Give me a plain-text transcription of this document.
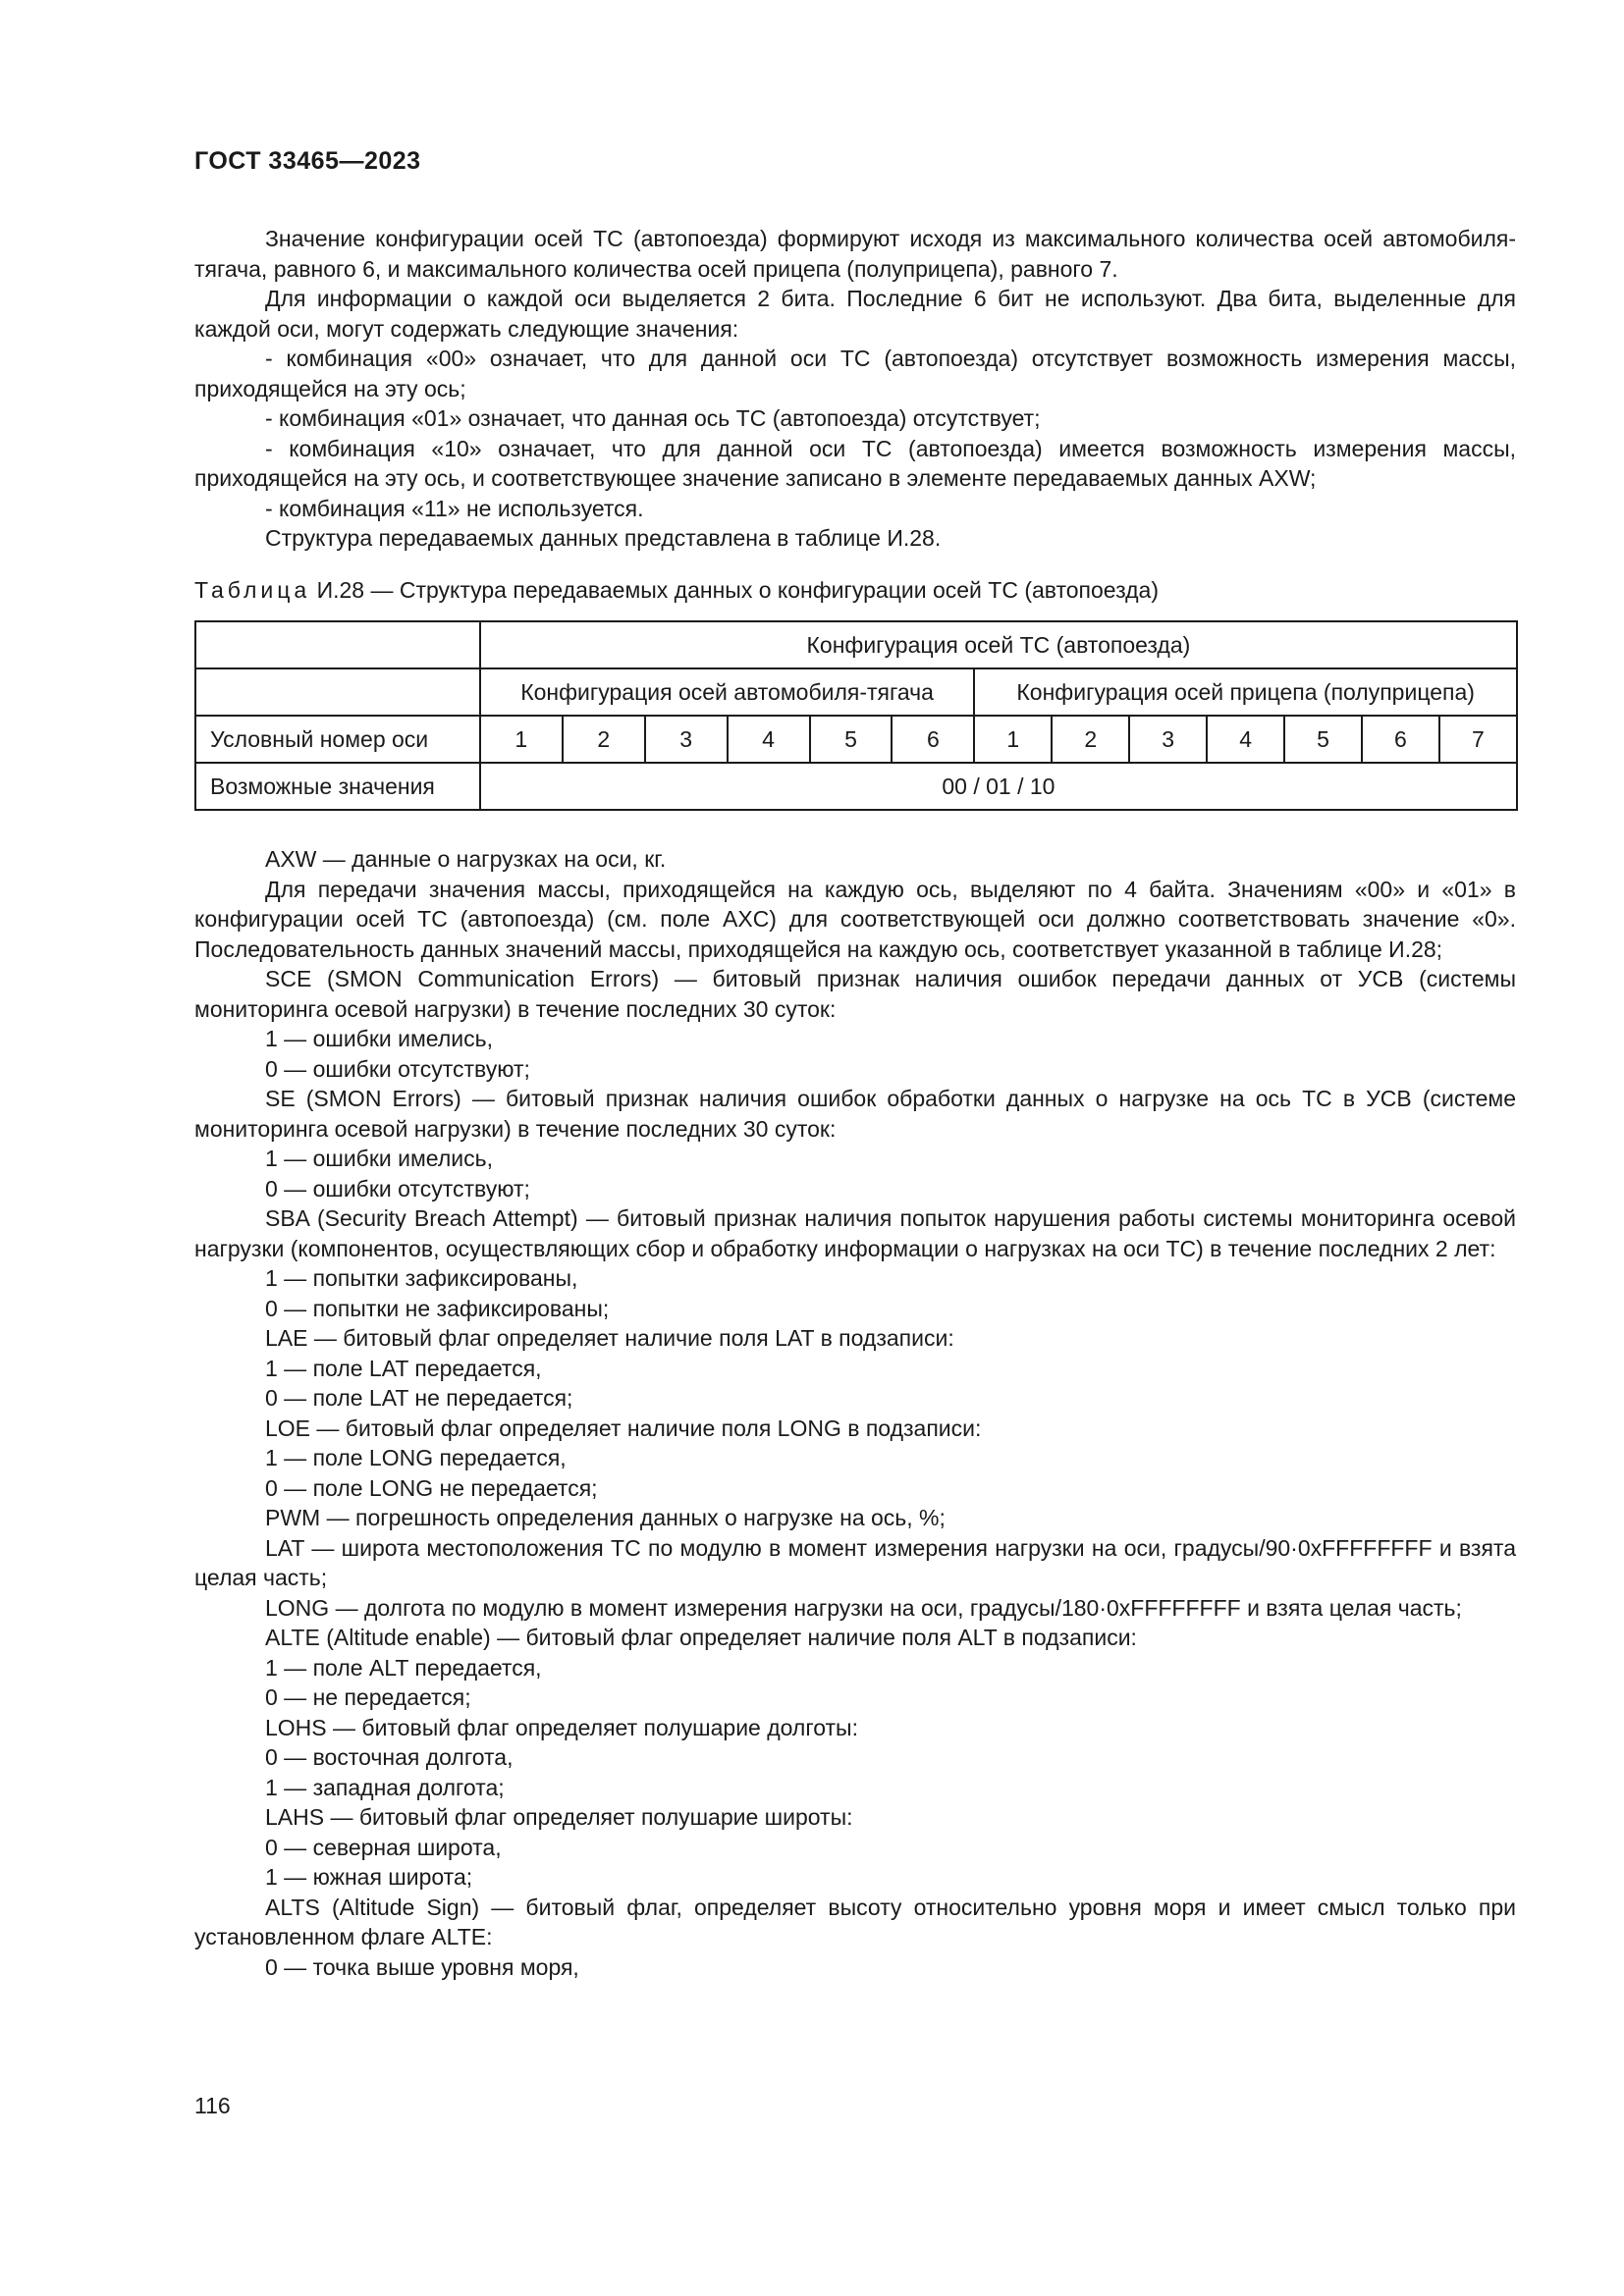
ГОСТ 33465—2023

Значение конфигурации осей ТС (автопоезда) формируют исходя из максимального количества осей автомобиля-тягача, равного 6, и максимального количества осей прицепа (полуприцепа), равного 7.

Для информации о каждой оси выделяется 2 бита. Последние 6 бит не используют. Два бита, выделенные для каждой оси, могут содержать следующие значения:

- комбинация «00» означает, что для данной оси ТС (автопоезда) отсутствует возможность измерения массы, приходящейся на эту ось;

- комбинация «01» означает, что данная ось ТС (автопоезда) отсутствует;

- комбинация «10» означает, что для данной оси ТС (автопоезда) имеется возможность измерения массы, приходящейся на эту ось, и соответствующее значение записано в элементе передаваемых данных AXW;

- комбинация «11» не используется.

Структура передаваемых данных представлена в таблице И.28.

Таблица И.28 — Структура передаваемых данных о конфигурации осей ТС (автопоезда)
	Конфигурация осей ТС (автопоезда)												
	Конфигурация осей автомобиля-тягача						Конфигурация осей прицепа (полуприцепа)						
Условный номер оси	1	2	3	4	5	6	1	2	3	4	5	6	7
Возможные значения	00 / 01 / 10												

AXW — данные о нагрузках на оси, кг.

Для передачи значения массы, приходящейся на каждую ось, выделяют по 4 байта. Значениям «00» и «01» в конфигурации осей ТС (автопоезда) (см. поле AXC) для соответствующей оси должно соответствовать значение «0». Последовательность данных значений массы, приходящейся на каждую ось, соответствует указанной в таблице И.28;

SCE (SMON Communication Errors) — битовый признак наличия ошибок передачи данных от УСВ (системы мониторинга осевой нагрузки) в течение последних 30 суток:

1 — ошибки имелись,

0 — ошибки отсутствуют;

SE (SMON Errors) — битовый признак наличия ошибок обработки данных о нагрузке на ось ТС в УСВ (системе мониторинга осевой нагрузки) в течение последних 30 суток:

1 — ошибки имелись,

0 — ошибки отсутствуют;

SBA (Security Breach Attempt) — битовый признак наличия попыток нарушения работы системы мониторинга осевой нагрузки (компонентов, осуществляющих сбор и обработку информации о нагрузках на оси ТС) в течение последних 2 лет:

1 — попытки зафиксированы,

0 — попытки не зафиксированы;

LAE — битовый флаг определяет наличие поля LAT в подзаписи:

1 — поле LAT передается,

0 — поле LAT не передается;

LOE — битовый флаг определяет наличие поля LONG в подзаписи:

1 — поле LONG передается,

0 — поле LONG не передается;

PWM — погрешность определения данных о нагрузке на ось, %;

LAT — широта местоположения ТС по модулю в момент измерения нагрузки на оси, градусы/90·0xFFFFFFFF и взята целая часть;

LONG — долгота по модулю в момент измерения нагрузки на оси, градусы/180·0xFFFFFFFF и взята целая часть;

ALTE (Altitude enable) — битовый флаг определяет наличие поля ALT в подзаписи:

1 — поле ALT передается,

0 — не передается;

LOHS — битовый флаг определяет полушарие долготы:

0 — восточная долгота,

1 — западная долгота;

LAHS — битовый флаг определяет полушарие широты:

0 — северная широта,

1 — южная широта;

ALTS (Altitude Sign) — битовый флаг, определяет высоту относительно уровня моря и имеет смысл только при установленном флаге ALTE:

0 — точка выше уровня моря,

116
